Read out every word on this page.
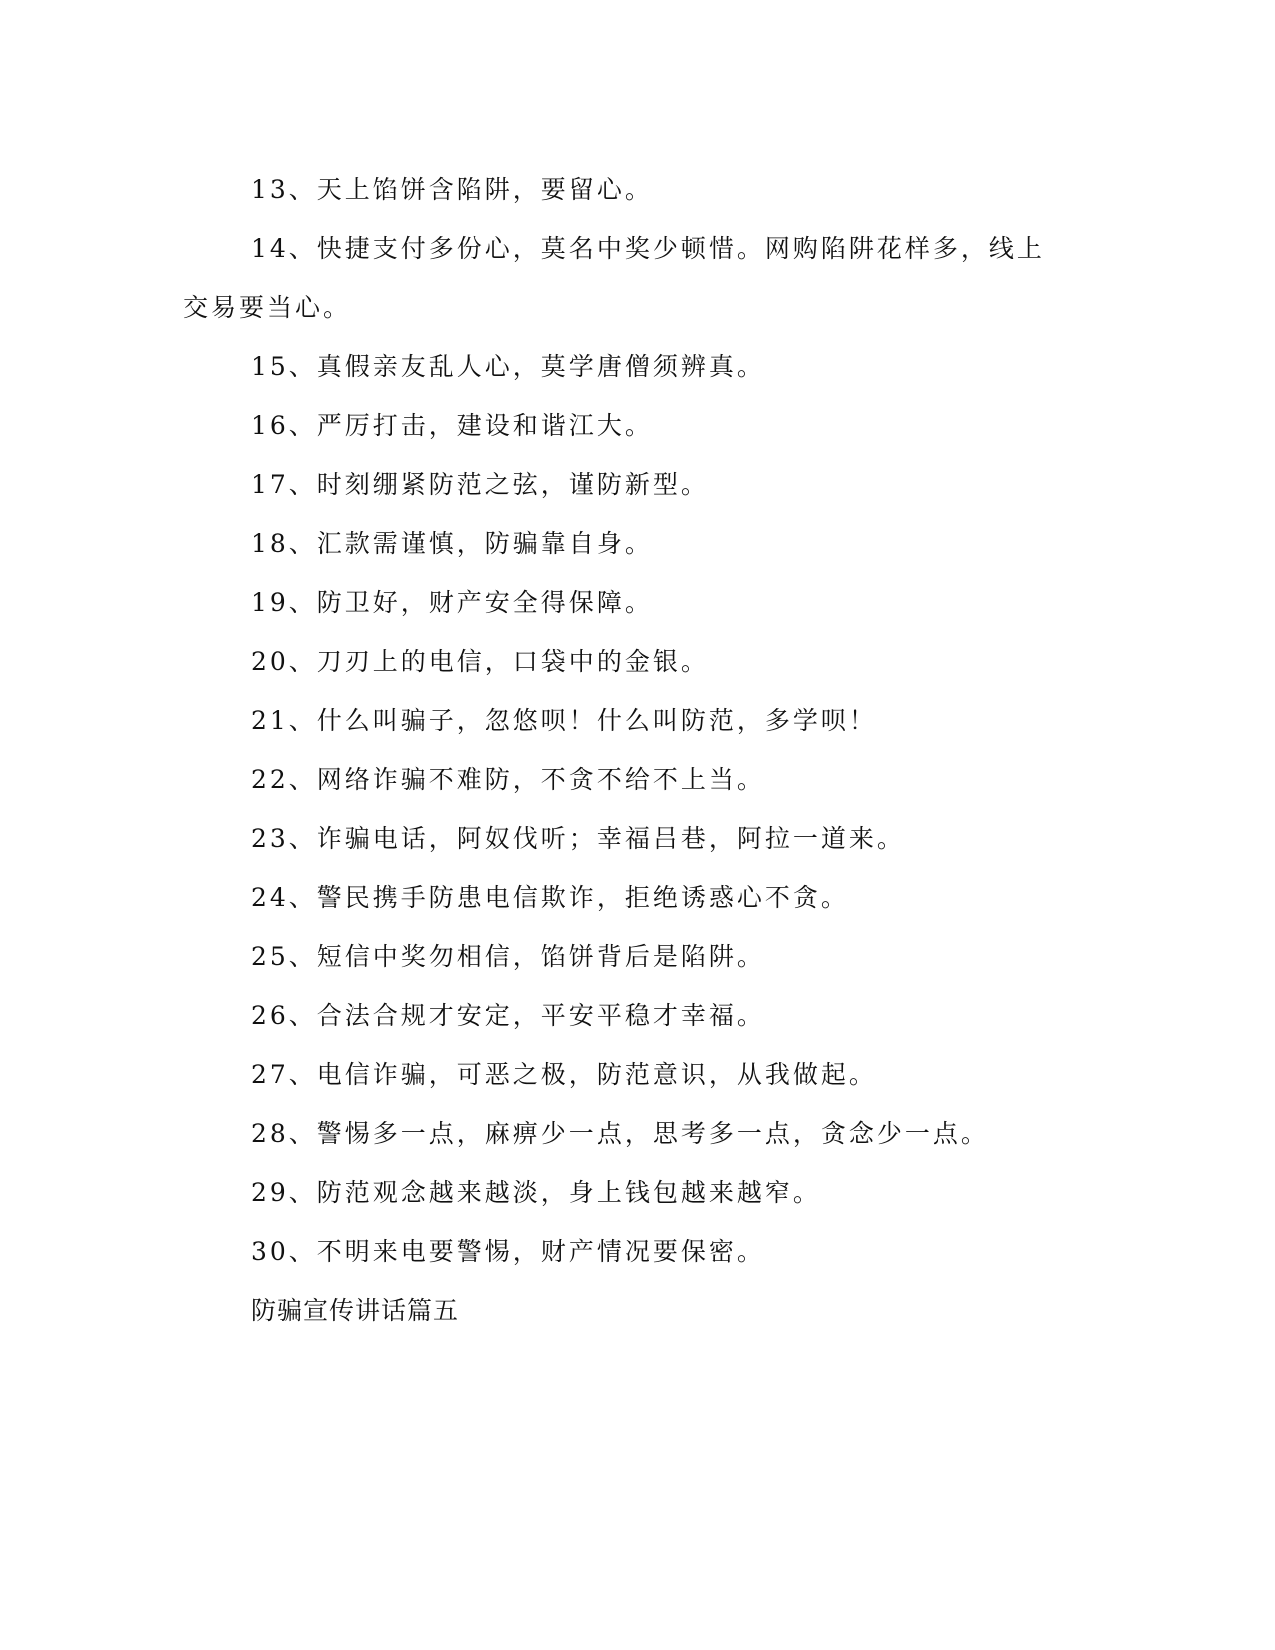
13、天上馅饼含陷阱，要留心。

14、快捷支付多份心，莫名中奖少顿惜。网购陷阱花样多，线上交易要当心。

15、真假亲友乱人心，莫学唐僧须辨真。

16、严厉打击，建设和谐江大。

17、时刻绷紧防范之弦，谨防新型。

18、汇款需谨慎，防骗靠自身。

19、防卫好，财产安全得保障。

20、刀刃上的电信，口袋中的金银。

21、什么叫骗子，忽悠呗！什么叫防范，多学呗！

22、网络诈骗不难防，不贪不给不上当。

23、诈骗电话，阿奴伐听；幸福吕巷，阿拉一道来。

24、警民携手防患电信欺诈，拒绝诱惑心不贪。

25、短信中奖勿相信，馅饼背后是陷阱。

26、合法合规才安定，平安平稳才幸福。

27、电信诈骗，可恶之极，防范意识，从我做起。

28、警惕多一点，麻痹少一点，思考多一点，贪念少一点。

29、防范观念越来越淡，身上钱包越来越窄。

30、不明来电要警惕，财产情况要保密。

防骗宣传讲话篇五
